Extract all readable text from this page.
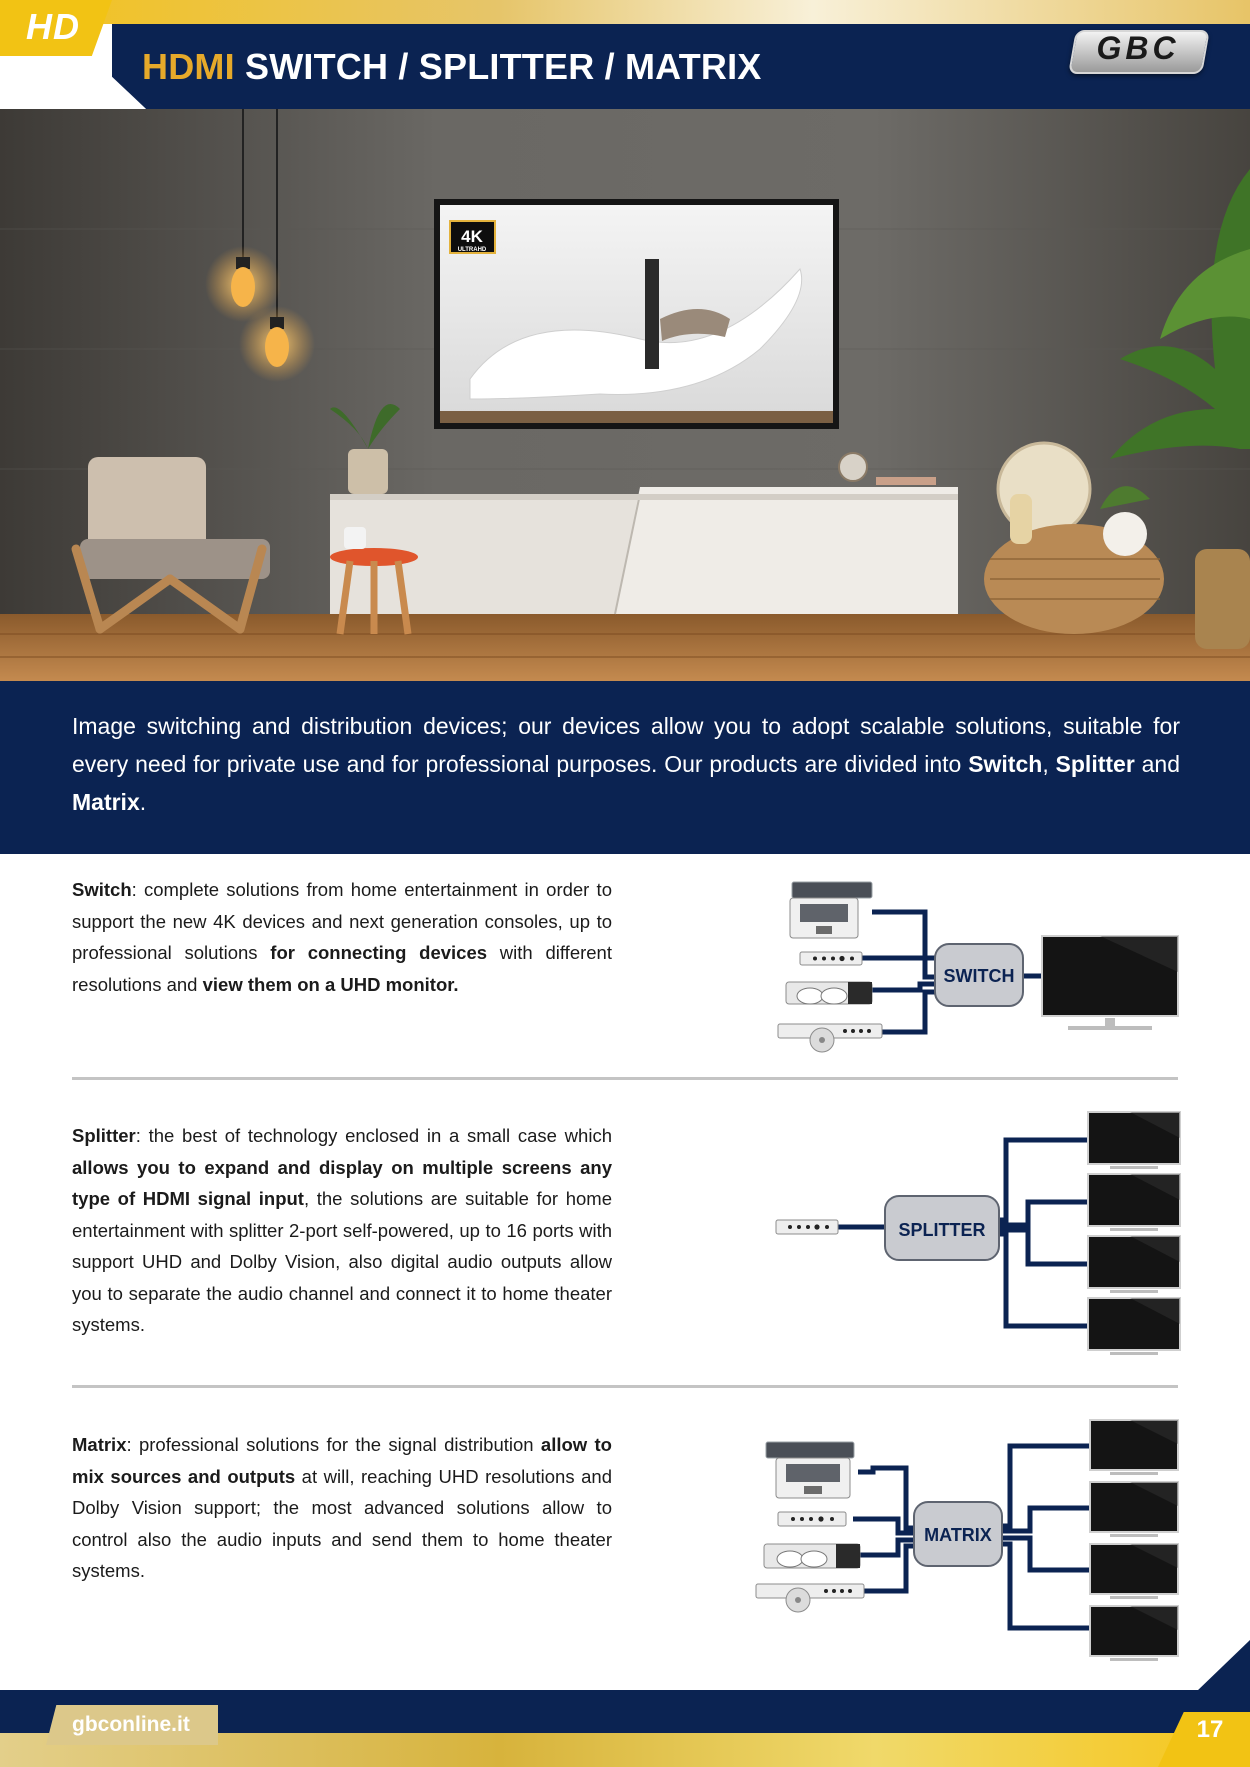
HD
HDMI SWITCH / SPLITTER / MATRIX	GBC
4K
ULTRAHD

Image switching and distribution devices; our devices allow you to adopt scalable solutions, suitable for every need for private use and for professional purposes. Our products are divided into Switch, Splitter and Matrix.

Switch: complete solutions from home entertainment in order to support the new 4K devices and next generation consoles, up to professional solutions for connecting devices with different resolutions and view them on a UHD monitor.	SWITCH

Splitter: the best of technology enclosed in a small case which allows you to expand and display on multiple screens any type of HDMI signal input, the solutions are suitable for home entertainment with splitter 2-port self-powered, up to 16 ports with support UHD and Dolby Vision, also digital audio outputs allow you to separate the audio channel and connect it to home theater systems.

SPLITTER

Matrix: professional solutions for the signal distribution allow to mix sources and outputs at will, reaching UHD resolutions and Dolby Vision support; the most advanced solutions allow to control also the audio inputs and send them to home theater systems.

MATRIX
gbconline.it	17
